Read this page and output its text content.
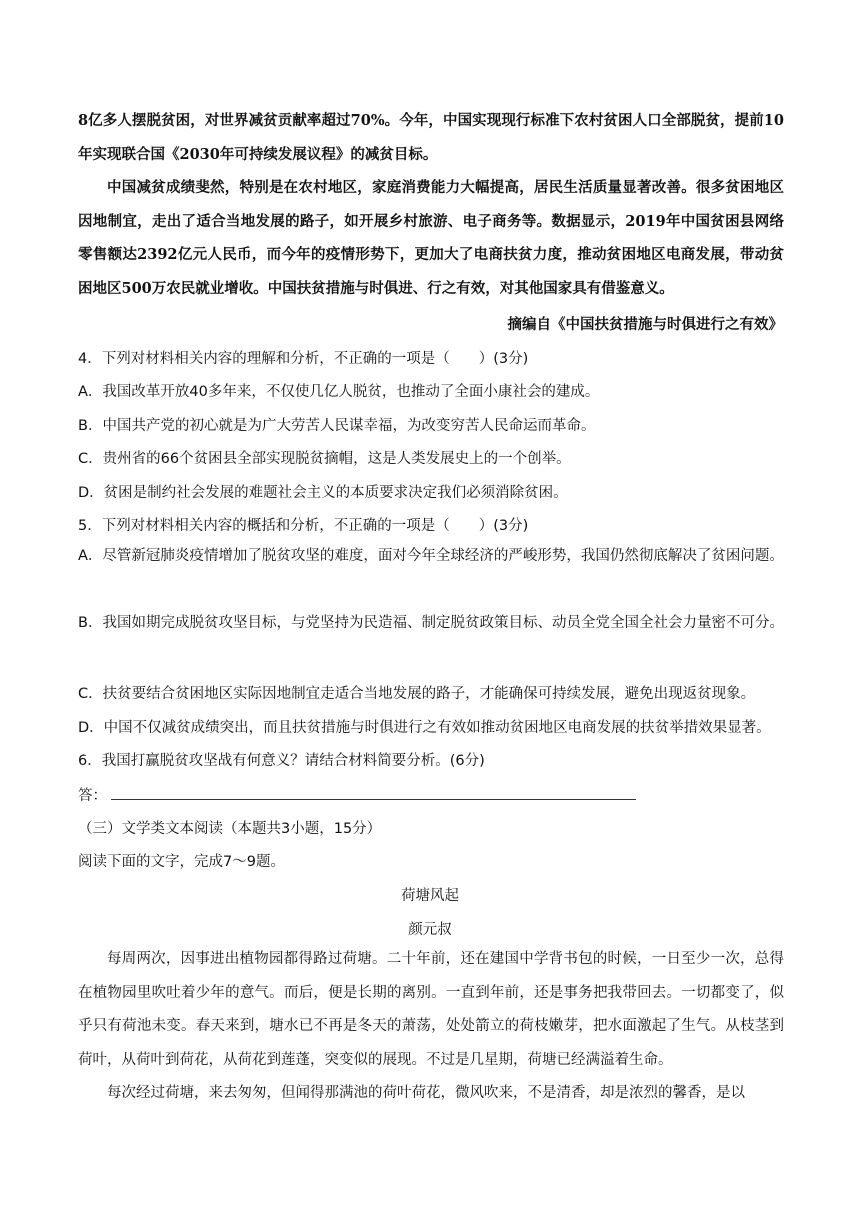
8亿多人摆脱贫困，对世界减贫贡献率超过70%。今年，中国实现现行标准下农村贫困人口全部脱贫，提前10年实现联合国《2030年可持续发展议程》的减贫目标。

中国减贫成绩斐然，特别是在农村地区，家庭消费能力大幅提高，居民生活质量显著改善。很多贫困地区因地制宜，走出了适合当地发展的路子，如开展乡村旅游、电子商务等。数据显示，2019年中国贫困县网络零售额达2392亿元人民币，而今年的疫情形势下，更加大了电商扶贫力度，推动贫困地区电商发展，带动贫困地区500万农民就业增收。中国扶贫措施与时俱进、行之有效，对其他国家具有借鉴意义。

摘编自《中国扶贫措施与时俱进行之有效》
4．下列对材料相关内容的理解和分析，不正确的一项是（　　）(3分)
A．我国改革开放40多年来，不仅使几亿人脱贫，也推动了全面小康社会的建成。
B．中国共产党的初心就是为广大劳苦人民谋幸福，为改变穷苦人民命运而革命。
C．贵州省的66个贫困县全部实现脱贫摘帽，这是人类发展史上的一个创举。
D．贫困是制约社会发展的难题社会主义的本质要求决定我们必须消除贫困。
5．下列对材料相关内容的概括和分析，不正确的一项是（　　）(3分)

A．尽管新冠肺炎疫情增加了脱贫攻坚的难度，面对今年全球经济的严峻形势，我国仍然彻底解决了贫困问题。

B．我国如期完成脱贫攻坚目标，与党坚持为民造福、制定脱贫政策目标、动员全党全国全社会力量密不可分。

C．扶贫要结合贫困地区实际因地制宜走适合当地发展的路子，才能确保可持续发展，避免出现返贫现象。
D．中国不仅减贫成绩突出，而且扶贫措施与时俱进行之有效如推动贫困地区电商发展的扶贫举措效果显著。
6．我国打赢脱贫攻坚战有何意义？请结合材料简要分析。(6分)
答：
（三）文学类文本阅读（本题共3小题，15分）
阅读下面的文字，完成7～9题。
荷塘风起
颜元叔

每周两次，因事进出植物园都得路过荷塘。二十年前，还在建国中学背书包的时候，一日至少一次，总得在植物园里吹吐着少年的意气。而后，便是长期的离别。一直到年前，还是事务把我带回去。一切都变了，似乎只有荷池未变。春天来到，塘水已不再是冬天的萧荡，处处箭立的荷枝嫩芽，把水面激起了生气。从枝茎到荷叶，从荷叶到荷花，从荷花到莲蓬，突变似的展现。不过是几星期，荷塘已经满溢着生命。

每次经过荷塘，来去匆匆，但闻得那满池的荷叶荷花，微风吹来，不是清香，却是浓烈的馨香，是以
